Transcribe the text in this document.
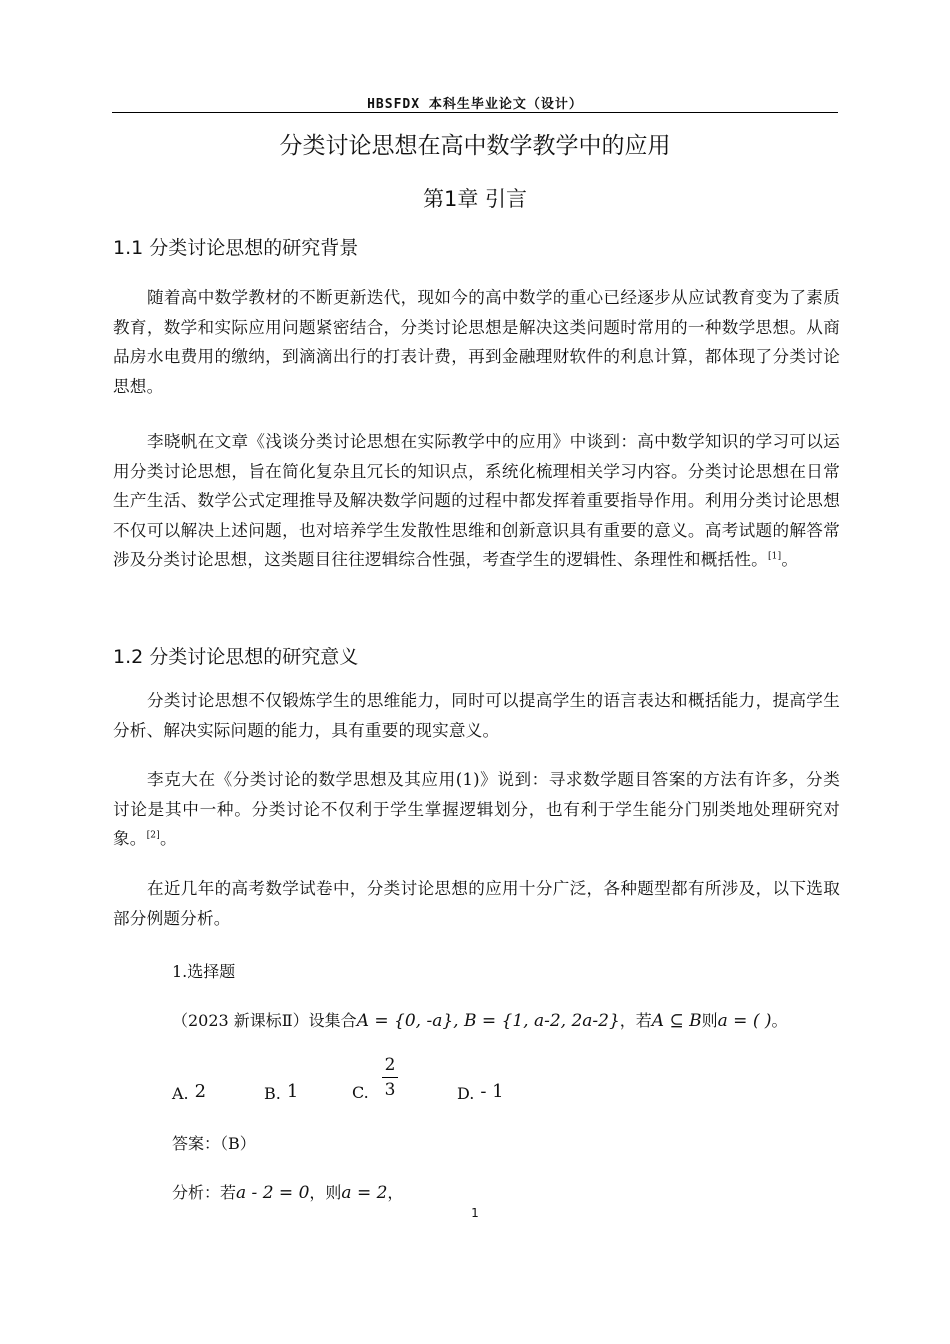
HBSFDX 本科生毕业论文（设计）
分类讨论思想在高中数学教学中的应用
第1章 引言
1.1 分类讨论思想的研究背景
随着高中数学教材的不断更新迭代，现如今的高中数学的重心已经逐步从应试教育变为了素质教育，数学和实际应用问题紧密结合，分类讨论思想是解决这类问题时常用的一种数学思想。从商品房水电费用的缴纳，到滴滴出行的打表计费，再到金融理财软件的利息计算，都体现了分类讨论思想。
李晓帆在文章《浅谈分类讨论思想在实际教学中的应用》中谈到：高中数学知识的学习可以运用分类讨论思想，旨在简化复杂且冗长的知识点，系统化梳理相关学习内容。分类讨论思想在日常生产生活、数学公式定理推导及解决数学问题的过程中都发挥着重要指导作用。利用分类讨论思想不仅可以解决上述问题，也对培养学生发散性思维和创新意识具有重要的意义。高考试题的解答常涉及分类讨论思想，这类题目往往逻辑综合性强，考查学生的逻辑性、条理性和概括性。[1]。
1.2 分类讨论思想的研究意义
分类讨论思想不仅锻炼学生的思维能力，同时可以提高学生的语言表达和概括能力，提高学生分析、解决实际问题的能力，具有重要的现实意义。
李克大在《分类讨论的数学思想及其应用(1)》说到：寻求数学题目答案的方法有许多，分类讨论是其中一种。分类讨论不仅利于学生掌握逻辑划分，也有利于学生能分门别类地处理研究对象。[2]。
在近几年的高考数学试卷中，分类讨论思想的应用十分广泛，各种题型都有所涉及，以下选取部分例题分析。
1.选择题
（2023 新课标Ⅱ）设集合A = {0, -a}, B = {1, a-2, 2a-2}，若A ⊆ B则a = ( )。
A. 2	B. 1	C.
2
3	D. - 1
答案：（B）
分析：若a - 2 = 0，则a = 2，
1
